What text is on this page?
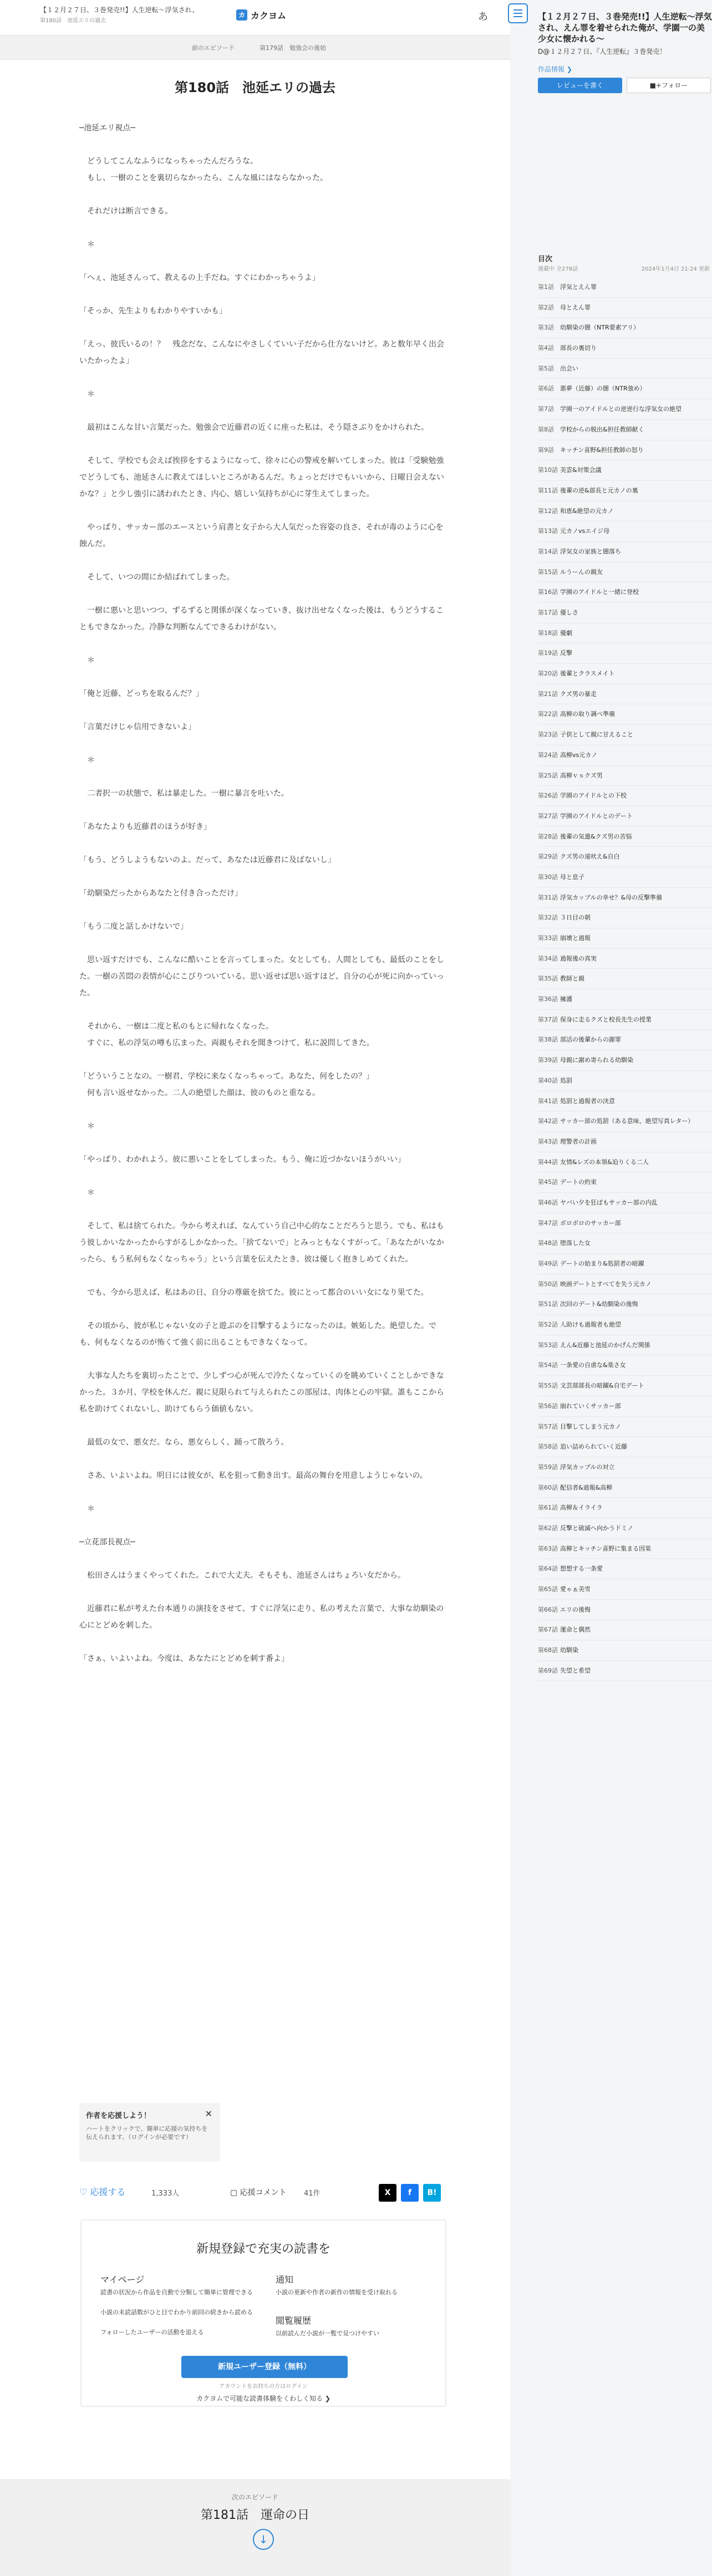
【１２月２７日、３巻発売!!】人生逆転～浮気され、
第180話　池延エリの過去
カ カクヨム	あ
前のエピソード	第179話　勉強会の後始
第180話　池延エリの過去

─池延エリ視点─

　どうしてこんなふうになっちゃったんだろうな。

　もし、一樹のことを裏切らなかったら、こんな風にはならなかった。

　それだけは断言できる。

　＊

「へぇ、池延さんって、教えるの上手だね。すぐにわかっちゃうよ」

「そっか、先生よりもわかりやすいかも」

「えっ、彼氏いるの！？　残念だな、こんなにやさしくていい子だから仕方ないけど。あと数年早く出会いたかったよ」

　＊

　最初はこんな甘い言葉だった。勉強会で近藤君の近くに座った私は、そう隠さぶりをかけられた。

　そして、学校でも会えば挨拶をするようになって、徐々に心の警戒を解いてしまった。彼は「受験勉強でどうしても、池延さんに教えてほしいところがあるんだ。ちょっとだけでもいいから、日曜日会えないかな？」と少し強引に誘われたとき、内心、嬉しい気持ちが心に芽生えてしまった。

　やっぱり、サッカー部のエースという肩書と女子から大人気だった容姿の良さ、それが毒のように心を蝕んだ。

　そして、いつの間にか結ばれてしまった。

　一樹に悪いと思いつつ、ずるずると関係が深くなっていき、抜け出せなくなった後は、もうどうすることもできなかった。冷静な判断なんてできるわけがない。

　＊

「俺と近藤、どっちを取るんだ？」

「言葉だけじゃ信用できないよ」

　＊

　二者択一の状態で、私は暴走した。一樹に暴言を吐いた。

「あなたよりも近藤君のほうが好き」

「もう、どうしようもないのよ。だって、あなたは近藤君に及ばないし」

「幼馴染だったからあなたと付き合っただけ」

「もう二度と話しかけないで」

　思い返すだけでも、こんなに酷いことを言ってしまった。女としても、人間としても、最低のことをした。一樹の苦悶の表情が心にこびりついている。思い返せば思い返すほど、自分の心が死に向かっていった。

　それから、一樹は二度と私のもとに帰れなくなった。

　すぐに、私の浮気の噂も広まった。両親もそれを聞きつけて、私に説問してきた。

「どういうことなの。一樹君、学校に来なくなっちゃって。あなた、何をしたの？」

　何も言い返せなかった。二人の絶望した顔は、彼のものと重なる。

　＊

「やっぱり、わかれよう。彼に悪いことをしてしまった。もう、俺に近づかないほうがいい」

　＊

　そして、私は捨てられた。今から考えれば、なんていう自己中心的なことだろうと思う。でも、私はもう彼しかいなかったからすがるしかなかった。「捨てないで」とみっともなくすがって。「あなたがいなかったら、もう私何もなくなっちゃう」という言葉を伝えたとき、彼は優しく抱きしめてくれた。

　でも、今から思えば、私はあの日、自分の尊厳を捨てた。彼にとって都合のいい女になり果てた。

　その頃から、彼が私じゃない女の子と遊ぶのを目撃するようになったのは。嫉妬した。絶望した。でも、何もなくなるのが怖くて強く前に出ることもできなくなって。

　大事な人たちを裏切ったことで、少しずつ心が死んで冷たくなっていくのを眺めていくことしかできなかった。３か月、学校を休んだ。親に見限られて与えられたこの部屋は、肉体と心の牢獄。誰もここから私を助けてくれないし、助けてもらう価値もない。

　最低の女で、悪女だ。なら、悪女らしく、踊って散ろう。

　さあ、いよいよね。明日には彼女が、私を狙って動き出す。最高の舞台を用意しようじゃないの。

　＊

─立花部長視点─

　松田さんはうまくやってくれた。これで大丈夫。そもそも、池延さんはちょろい女だから。

　近藤君に私が考えた台本通りの演技をさせて、すぐに浮気に走り、私の考えた言葉で、大事な幼馴染の心にとどめを刺した。

「さぁ、いよいよね。今度は、あなたにとどめを刺す番よ」

作者を応援しよう！
ハートをクリックで、簡単に応援の気持ちを伝えられます。（ログインが必要です）
✕
♡ 応援する	1,333人	▢ 応援コメント 41件	X	f	B!
新規登録で充実の読書を
マイページ
読書の状況から作品を自動で分類して簡単に管理できる
小説の未読話数がひと目でわかり前回の続きから読める
フォローしたユーザーの活動を追える
通知
小説の更新や作者の新作の情報を受け取れる
閲覧履歴
以前読んだ小説が一覧で見つけやすい
新規ユーザー登録（無料）
アカウントをお持ちの方はログイン
カクヨムで可能な読書体験をくわしく知る ❯
次のエピソード
第181話　運命の日
↓
【１２月２７日、３巻発売!!】人生逆転～浮気され、えん罪を着せられた俺が、学園一の美少女に懐かれる～
D@１２月２７日、『人生逆転』３巻発売！
作品情報 ❯
レビューを書く	■+フォロー
目次
連載中 全278話	2024年1月4日 21:24 更新
第1話	浮気とえん罪
第2話	母とえん罪
第3話	幼馴染の闇（NTR要素アリ）
第4話	部長の裏切り
第5話	出会い
第6話	悪夢（近藤）の闇（NTR強め）
第7話	学園一のアイドルとの逆逆行な浮気女の絶望
第8話	学校からの脱出&担任教師献く
第9話	キッチン喜野&担任教師の怒り
第10話 美雲&対策会議
第11話 後輩の逆&部長と元カノの裏
第12話 和恵&絶望の元カノ
第13話 元カノvsエイジ母
第14話 浮気女の家族と闇落ち
第15話 ルうーんの親友
第16話 学園のアイドルと一緒に登校
第17話 優しさ
第18話 優劇
第19話 反撃
第20話 後輩とクラスメイト
第21話 クズ男の暴走
第22話 高柳の取り調べ準備
第23話 子供として親に甘えること
第24話 高柳vs元カノ
第25話 高柳ｖｓクズ男
第26話 学園のアイドルとの下校
第27話 学園のアイドルとのデート
第28話 後輩の気遣&クズ男の苦悩
第29話 クズ男の遠吠え&自白
第30話 母と息子
第31話 浮気カップルの幸せ？&母の反撃準備
第32話 ３日目の朝
第33話 崩壊と過報
第34話 過報後の真実
第35話 教師と親
第36話 擁護
第37話 保身に走るクズと校長先生の授業
第38話 部活の後輩からの謝罪
第39話 母親に謝め寄られる幼馴染
第40話 処罰
第41話 処罰と過報者の決意
第42話 サッカー部の処罰（ある意味、絶望写真レター）
第43話 理警者の計画
第44話 友情&レズの本領&迫りくる二人
第45話 デートの約束
第46話 ヤバい夕を狂ばもサッカー部の内乱
第47話 ボロボロのサッカー部
第48話 堕落した女
第49話 デートの始まり&処罰者の暗躍
第50話 映画デートとすべてを失う元カノ
第51話 次回のデート&幼馴染の後悔
第52話 人助けも過報者も絶望
第53話 えん&近藤と池延のかげんだ関係
第54話 一条愛の自虐な&楽さ女
第55話 文芸部部長の暗躍&自宅デート
第56話 崩れていくサッカー部
第57話 目撃してしまう元カノ
第58話 追い詰められていく近藤
第59話 浮気カップルの対立
第60話 配信者&過報&高柳
第61話 高柳＆イライラ
第62話 反撃と破滅へ向かうドミノ
第63話 高柳とキッチン喜野に集まる因果
第64話 想想する一条愛
第65話 愛ゃぁ美雪
第66話 エリの後悔
第67話 運命と偶然
第68話 幼馴染
第69話 失望と希望
